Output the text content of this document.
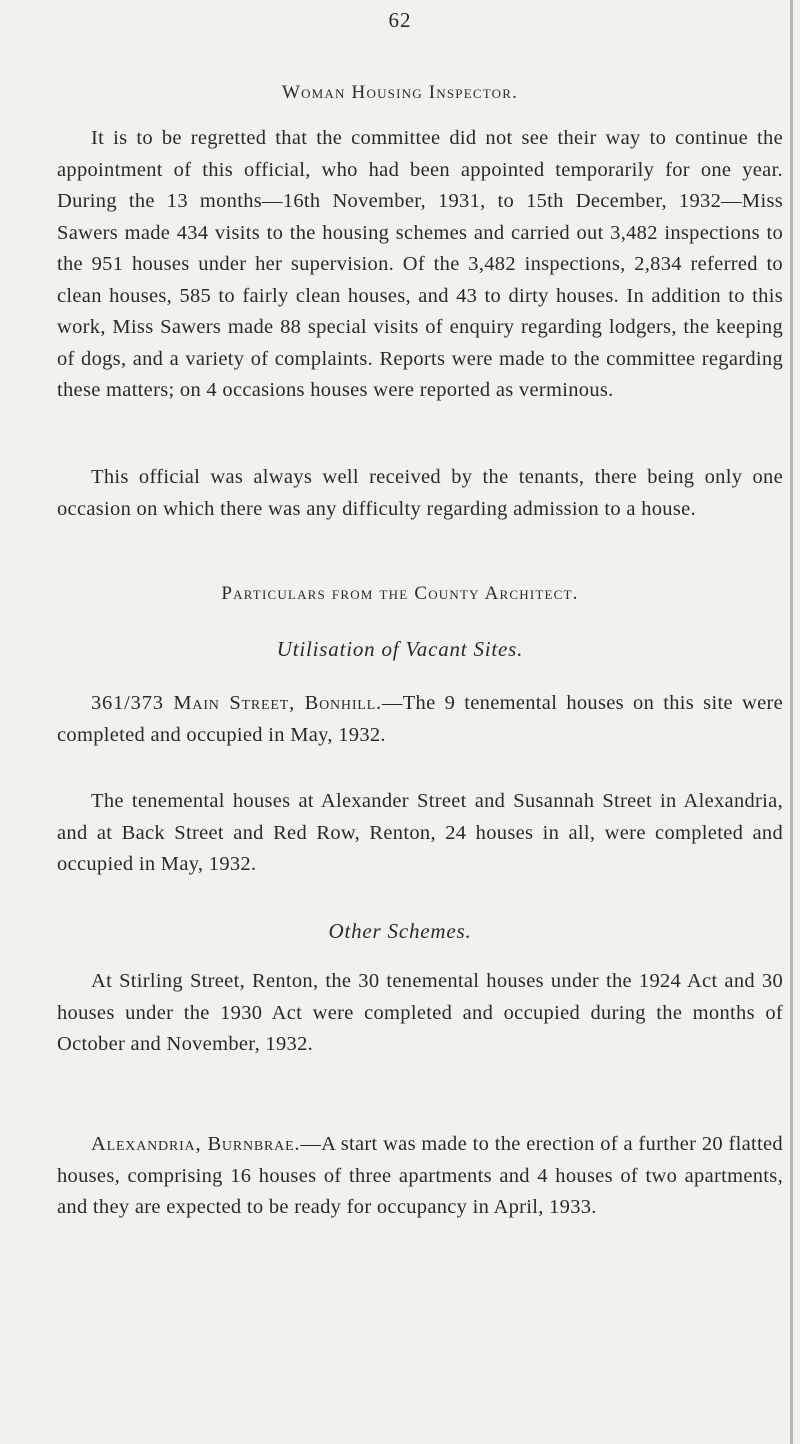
62
Woman Housing Inspector.

It is to be regretted that the committee did not see their way to continue the appointment of this official, who had been appointed temporarily for one year. During the 13 months—16th November, 1931, to 15th December, 1932—Miss Sawers made 434 visits to the housing schemes and carried out 3,482 inspections to the 951 houses under her supervision. Of the 3,482 inspections, 2,834 referred to clean houses, 585 to fairly clean houses, and 43 to dirty houses. In addition to this work, Miss Sawers made 88 special visits of enquiry regarding lodgers, the keeping of dogs, and a variety of complaints. Reports were made to the committee regarding these matters; on 4 occasions houses were reported as verminous.

This official was always well received by the tenants, there being only one occasion on which there was any difficulty regarding admission to a house.

Particulars from the County Architect.
Utilisation of Vacant Sites.

361/373 Main Street, Bonhill.—The 9 tenemental houses on this site were completed and occupied in May, 1932.

The tenemental houses at Alexander Street and Susannah Street in Alexandria, and at Back Street and Red Row, Renton, 24 houses in all, were completed and occupied in May, 1932.

Other Schemes.

At Stirling Street, Renton, the 30 tenemental houses under the 1924 Act and 30 houses under the 1930 Act were completed and occupied during the months of October and November, 1932.

Alexandria, Burnbrae.—A start was made to the erection of a further 20 flatted houses, comprising 16 houses of three apartments and 4 houses of two apartments, and they are expected to be ready for occupancy in April, 1933.
